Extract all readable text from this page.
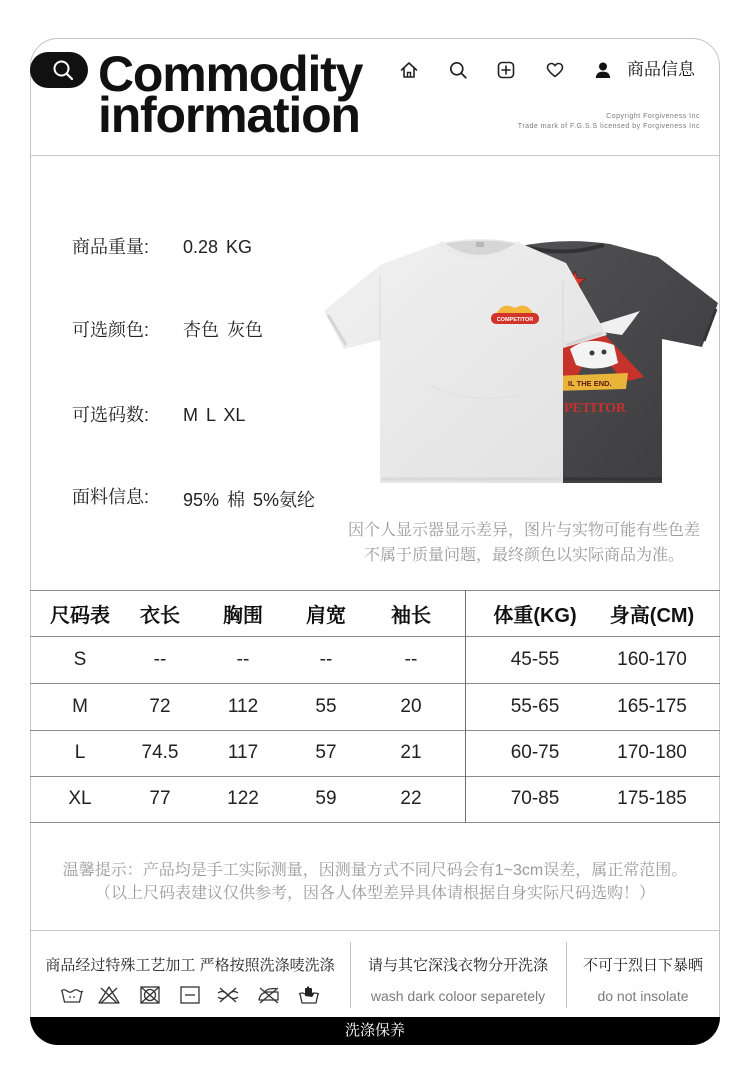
Commodity
information
商品信息
Copyright Forgiveness Inc
Trade mark of F.G.S.S licensed by Forgiveness Inc
商品重量: 0.28 KG
可选颜色: 杏色 灰色
可选码数: M L XL
面料信息: 95% 棉 5%氨纶
IL THE END.
PETITOR
COMPETITOR
因个人显示器显示差异，图片与实物可能有些色差
不属于质量问题，最终颜色以实际商品为准。
尺码表	衣长	胸围	肩宽	袖长	体重(KG)	身高(CM)
S	--	--	--	--	45-55	160-170
M	72	112	55	20	55-65	165-175
L	74.5	117	57	21	60-75	170-180
XL	77	122	59	22	70-85	175-185
温馨提示：产品均是手工实际测量，因测量方式不同尺码会有1~3cm误差，属正常范围。
（以上尺码表建议仅供参考，因各人体型差异具体请根据自身实际尺码选购！）
商品经过特殊工艺加工 严格按照洗涤唛洗涤	请与其它深浅衣物分开洗涤
wash dark coloor separetely
不可于烈日下暴晒
do not insolate
洗涤保养
